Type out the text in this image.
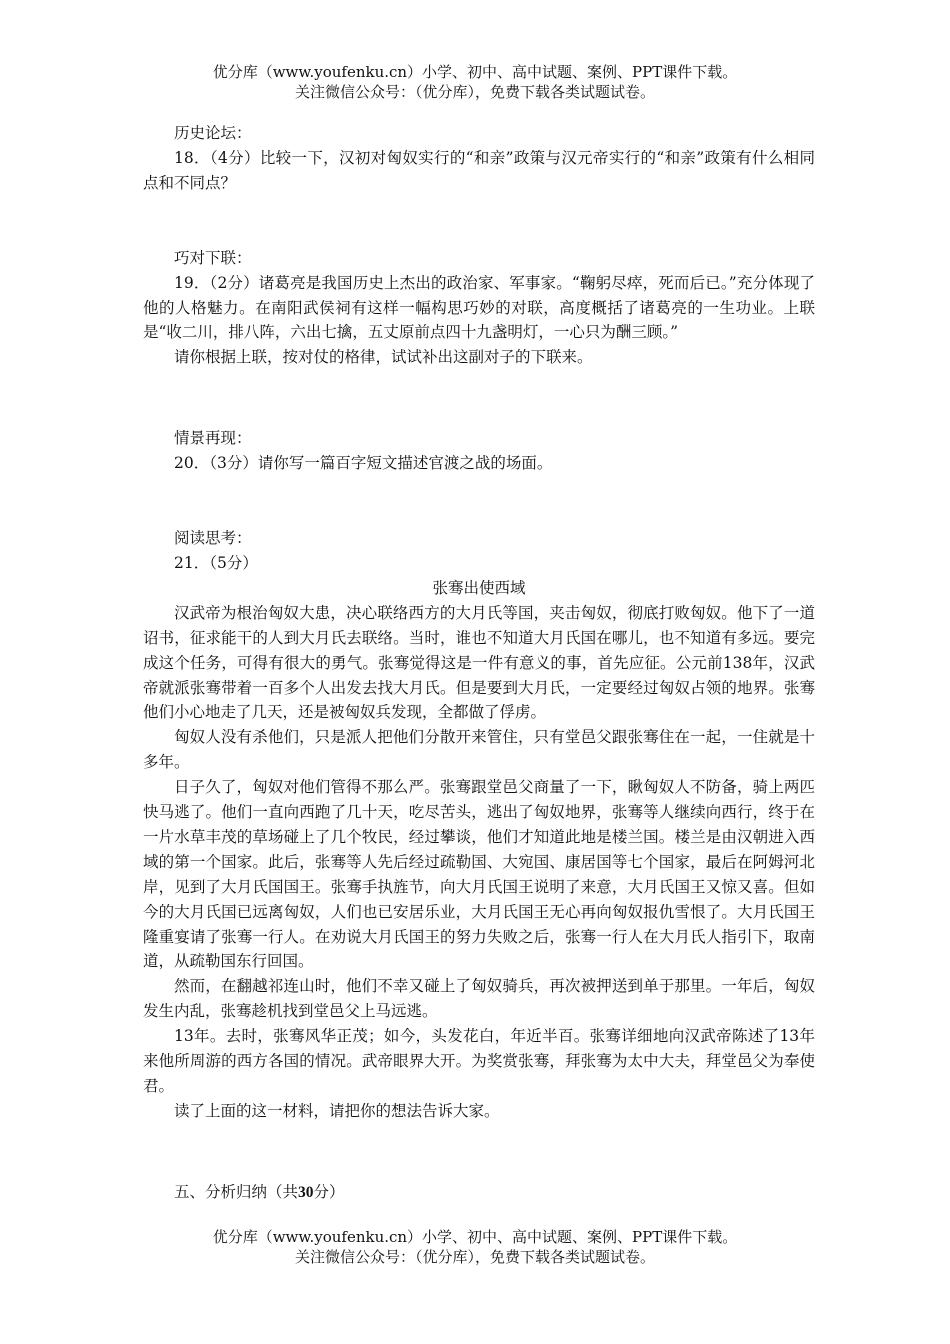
优分库（www.youfenku.cn）小学、初中、高中试题、案例、PPT课件下载。
关注微信公众号：（优分库），免费下载各类试题试卷。

历史论坛：

18．（4分）比较一下，汉初对匈奴实行的“和亲”政策与汉元帝实行的“和亲”政策有什么相同点和不同点？

巧对下联：

19．（2分）诸葛亮是我国历史上杰出的政治家、军事家。“鞠躬尽瘁，死而后已。”充分体现了他的人格魅力。在南阳武侯祠有这样一幅构思巧妙的对联，高度概括了诸葛亮的一生功业。上联是“收二川，排八阵，六出七擒，五丈原前点四十九盏明灯，一心只为酬三顾。”

请你根据上联，按对仗的格律，试试补出这副对子的下联来。

情景再现：

20．（3分）请你写一篇百字短文描述官渡之战的场面。

阅读思考：

21．（5分）

张骞出使西域

汉武帝为根治匈奴大患，决心联络西方的大月氏等国，夹击匈奴，彻底打败匈奴。他下了一道诏书，征求能干的人到大月氏去联络。当时，谁也不知道大月氏国在哪儿，也不知道有多远。要完成这个任务，可得有很大的勇气。张骞觉得这是一件有意义的事，首先应征。公元前138年，汉武帝就派张骞带着一百多个人出发去找大月氏。但是要到大月氏，一定要经过匈奴占领的地界。张骞他们小心地走了几天，还是被匈奴兵发现，全都做了俘虏。

匈奴人没有杀他们，只是派人把他们分散开来管住，只有堂邑父跟张骞住在一起，一住就是十多年。

日子久了，匈奴对他们管得不那么严。张骞跟堂邑父商量了一下，瞅匈奴人不防备，骑上两匹快马逃了。他们一直向西跑了几十天，吃尽苦头，逃出了匈奴地界，张骞等人继续向西行，终于在一片水草丰茂的草场碰上了几个牧民，经过攀谈，他们才知道此地是楼兰国。楼兰是由汉朝进入西域的第一个国家。此后，张骞等人先后经过疏勒国、大宛国、康居国等七个国家，最后在阿姆河北岸，见到了大月氏国国王。张骞手执旌节，向大月氏国王说明了来意，大月氏国王又惊又喜。但如今的大月氏国已远离匈奴，人们也已安居乐业，大月氏国王无心再向匈奴报仇雪恨了。大月氏国王隆重宴请了张骞一行人。在劝说大月氏国王的努力失败之后，张骞一行人在大月氏人指引下，取南道，从疏勒国东行回国。

然而，在翻越祁连山时，他们不幸又碰上了匈奴骑兵，再次被押送到单于那里。一年后，匈奴发生内乱，张骞趁机找到堂邑父上马远逃。

13年。去时，张骞风华正茂；如今，头发花白，年近半百。张骞详细地向汉武帝陈述了13年来他所周游的西方各国的情况。武帝眼界大开。为奖赏张骞，拜张骞为太中大夫，拜堂邑父为奉使君。

读了上面的这一材料，请把你的想法告诉大家。

五、分析归纳（共30分）

优分库（www.youfenku.cn）小学、初中、高中试题、案例、PPT课件下载。
关注微信公众号：（优分库），免费下载各类试题试卷。
